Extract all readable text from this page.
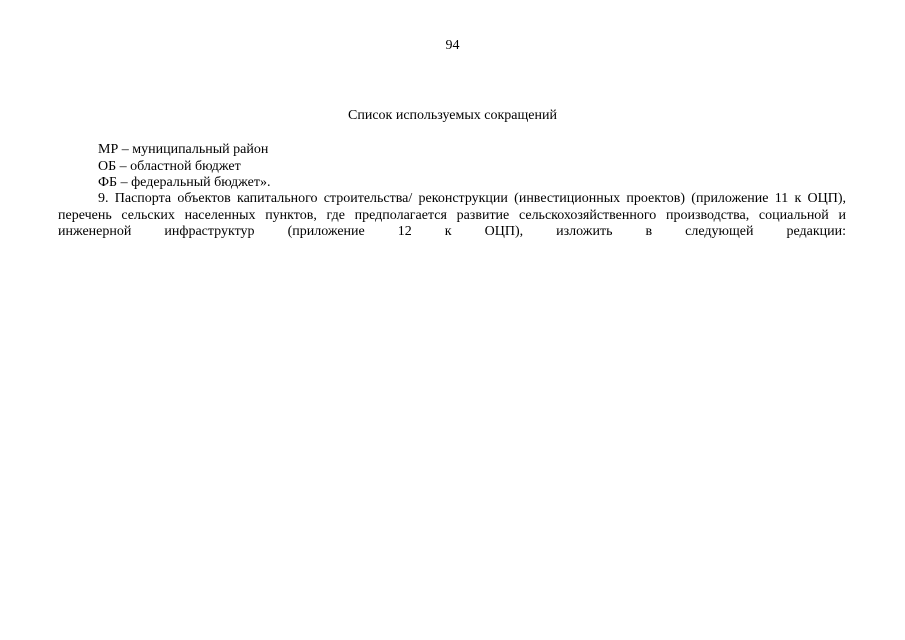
94
Список используемых сокращений
МР – муниципальный район
ОБ – областной бюджет
ФБ – федеральный бюджет».

9. Паспорта объектов капитального строительства/ реконструкции (инвестиционных проектов) (приложение 11 к ОЦП), перечень сельских населенных пунктов, где предполагается развитие сельскохозяйственного производства, социальной и инженерной инфраструктур (приложение 12 к ОЦП), изложить в следующей редакции:
